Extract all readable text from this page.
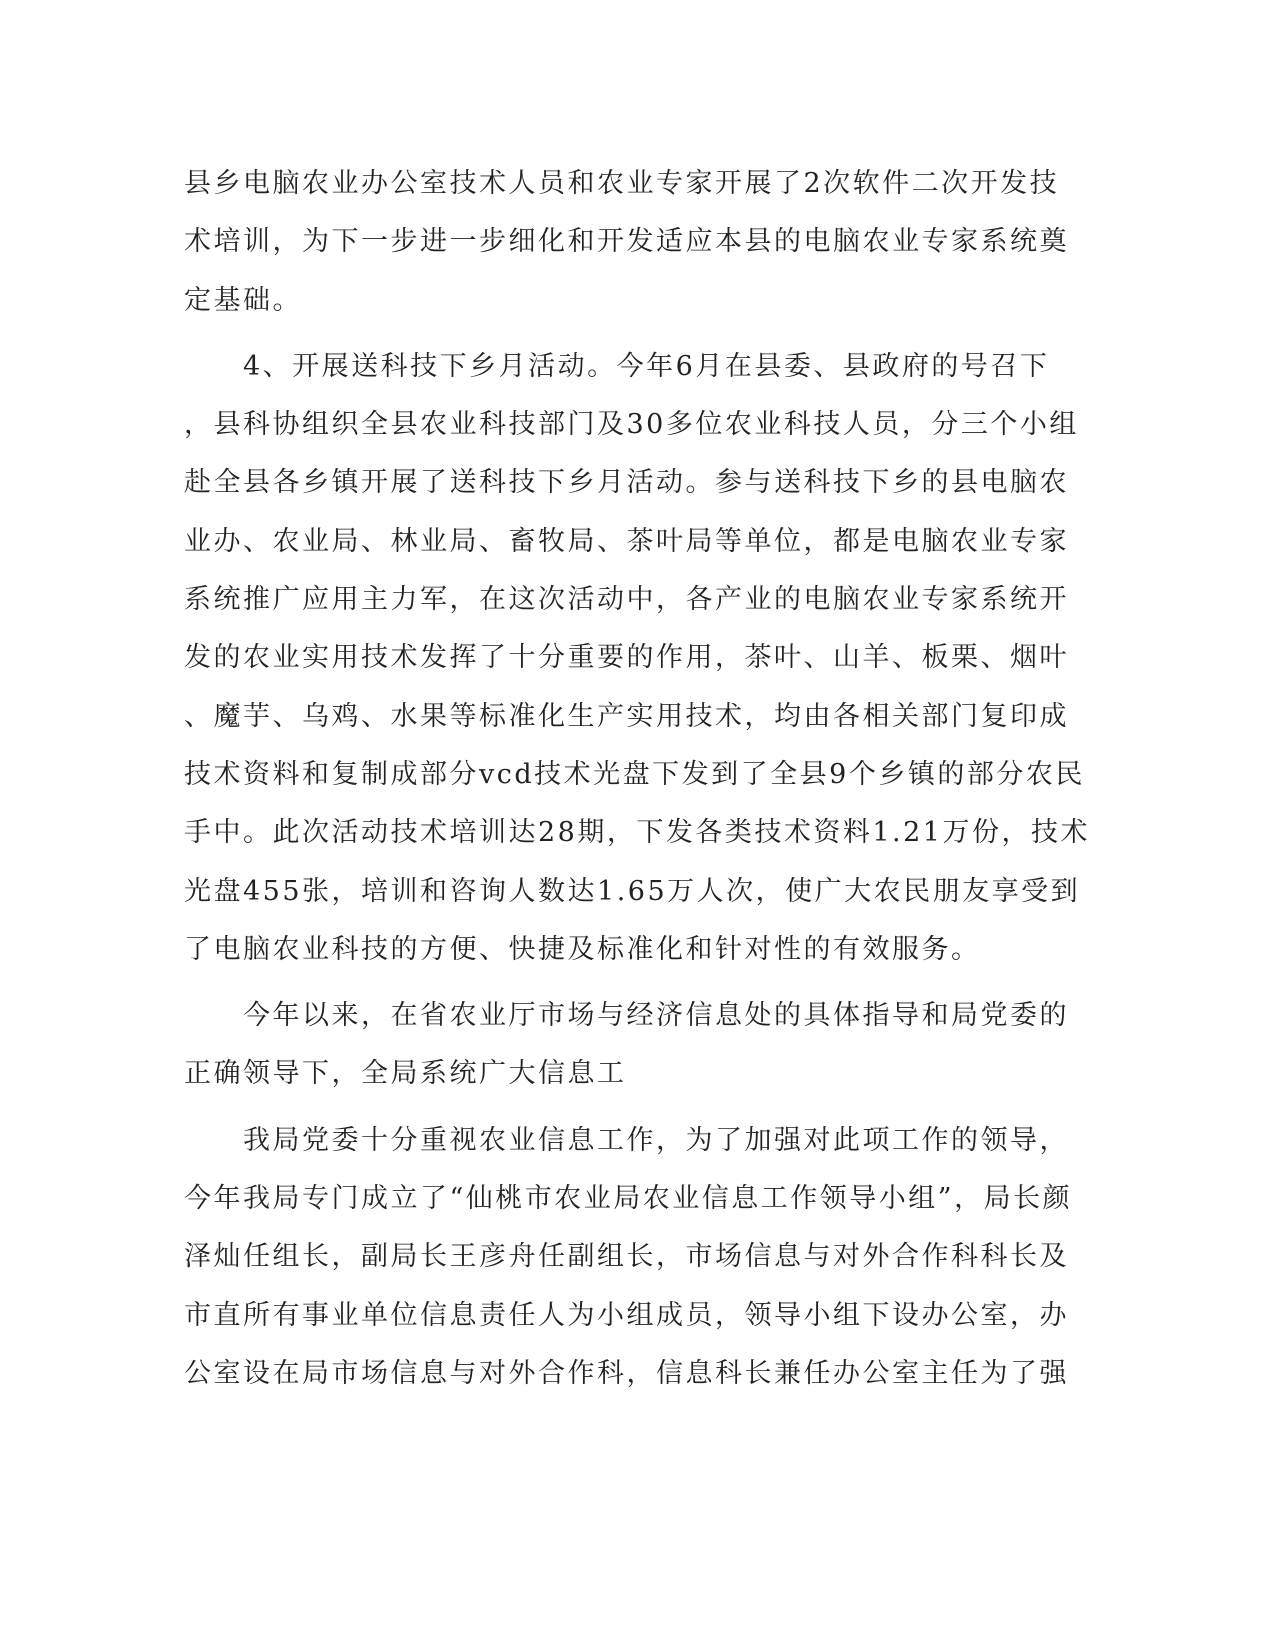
县乡电脑农业办公室技术人员和农业专家开展了2次软件二次开发技
术培训，为下一步进一步细化和开发适应本县的电脑农业专家系统奠
定基础。
　　4、开展送科技下乡月活动。今年6月在县委、县政府的号召下
，县科协组织全县农业科技部门及30多位农业科技人员，分三个小组
赴全县各乡镇开展了送科技下乡月活动。参与送科技下乡的县电脑农
业办、农业局、林业局、畜牧局、茶叶局等单位，都是电脑农业专家
系统推广应用主力军，在这次活动中，各产业的电脑农业专家系统开
发的农业实用技术发挥了十分重要的作用，茶叶、山羊、板栗、烟叶
、魔芋、乌鸡、水果等标准化生产实用技术，均由各相关部门复印成
技术资料和复制成部分vcd技术光盘下发到了全县9个乡镇的部分农民
手中。此次活动技术培训达28期，下发各类技术资料1.21万份，技术
光盘455张，培训和咨询人数达1.65万人次，使广大农民朋友享受到
了电脑农业科技的方便、快捷及标准化和针对性的有效服务。
　　今年以来，在省农业厅市场与经济信息处的具体指导和局党委的
正确领导下，全局系统广大信息工
　　我局党委十分重视农业信息工作，为了加强对此项工作的领导，
今年我局专门成立了“仙桃市农业局农业信息工作领导小组”，局长颜
泽灿任组长，副局长王彦舟任副组长，市场信息与对外合作科科长及
市直所有事业单位信息责任人为小组成员，领导小组下设办公室，办
公室设在局市场信息与对外合作科，信息科长兼任办公室主任为了强
